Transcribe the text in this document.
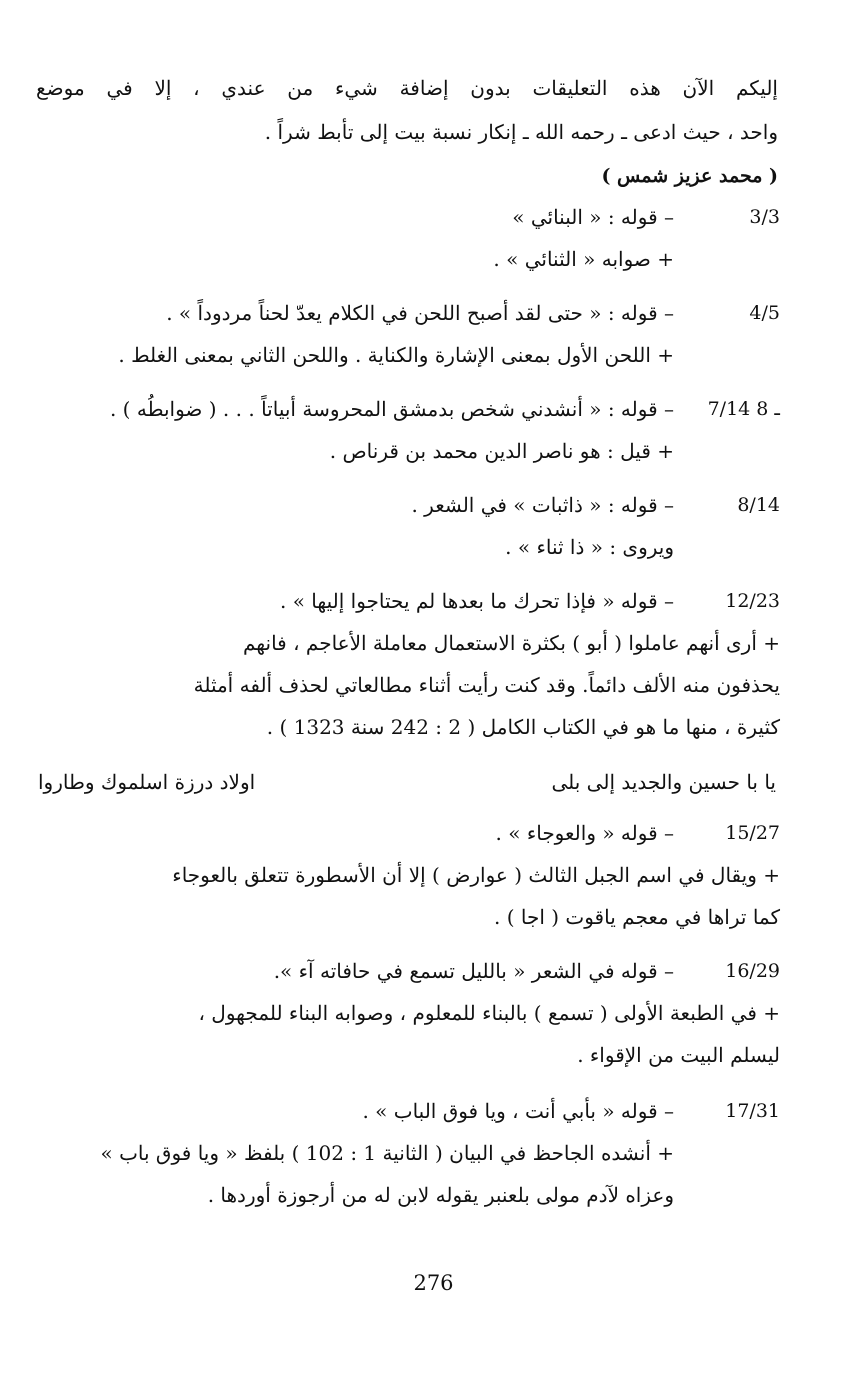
إليكم الآن هذه التعليقات بدون إضافة شيء من عندي ، إلا في موضع
واحد ، حيث ادعى ـ رحمه الله ـ إنكار نسبة بيت إلى تأبط شراً .
( محمد عزيز شمس )
3/3
– قوله : « البنائي »
+ صوابه « الثنائي » .
4/5
– قوله : « حتى لقد أصبح اللحن في الكلام يعدّ لحناً مردوداً » .
+ اللحن الأول بمعنى الإشارة والكناية . واللحن الثاني بمعنى الغلط .
7/14 ـ 8
– قوله : « أنشدني شخص بدمشق المحروسة أبياتاً . . . ( ضوابطُه ) .
+ قيل : هو ناصر الدين محمد بن قرناص .
8/14
– قوله : « ذاثبات » في الشعر .
ويروى : « ذا ثناء » .
12/23
– قوله « فإذا تحرك ما بعدها لم يحتاجوا إليها » .
+ أرى أنهم عاملوا ( أبو ) بكثرة الاستعمال معاملة الأعاجم ، فانهم
يحذفون منه الألف دائماً. وقد كنت رأيت أثناء مطالعاتي لحذف ألفه أمثلة
كثيرة ، منها ما هو في الكتاب الكامل ( 2 : 242 سنة 1323 ) .
يا با حسين والجديد إلى بلى
اولاد درزة اسلموك وطاروا
15/27
– قوله « والعوجاء » .
+ ويقال في اسم الجبل الثالث ( عوارض ) إلا أن الأسطورة تتعلق بالعوجاء
كما تراها في معجم ياقوت ( اجا ) .
16/29
– قوله في الشعر « بالليل تسمع في حافاته آء ».
+ في الطبعة الأولى ( تسمع ) بالبناء للمعلوم ، وصوابه البناء للمجهول ،
ليسلم البيت من الإقواء .
17/31
– قوله « بأبي أنت ، ويا فوق الباب » .
+ أنشده الجاحظ في البيان ( الثانية 1 : 102 ) بلفظ « ويا فوق باب »
وعزاه لآدم مولى بلعنبر يقوله لابن له من أرجوزة أوردها .
276
